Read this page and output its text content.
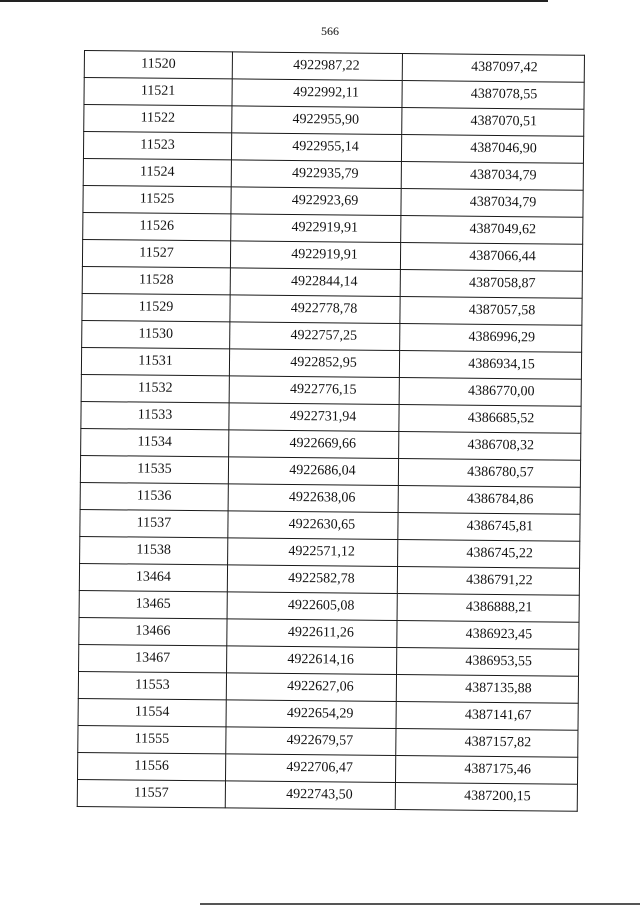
566
11520	4922987,22	4387097,42
11521	4922992,11	4387078,55
11522	4922955,90	4387070,51
11523	4922955,14	4387046,90
11524	4922935,79	4387034,79
11525	4922923,69	4387034,79
11526	4922919,91	4387049,62
11527	4922919,91	4387066,44
11528	4922844,14	4387058,87
11529	4922778,78	4387057,58
11530	4922757,25	4386996,29
11531	4922852,95	4386934,15
11532	4922776,15	4386770,00
11533	4922731,94	4386685,52
11534	4922669,66	4386708,32
11535	4922686,04	4386780,57
11536	4922638,06	4386784,86
11537	4922630,65	4386745,81
11538	4922571,12	4386745,22
13464	4922582,78	4386791,22
13465	4922605,08	4386888,21
13466	4922611,26	4386923,45
13467	4922614,16	4386953,55
11553	4922627,06	4387135,88
11554	4922654,29	4387141,67
11555	4922679,57	4387157,82
11556	4922706,47	4387175,46
11557	4922743,50	4387200,15
